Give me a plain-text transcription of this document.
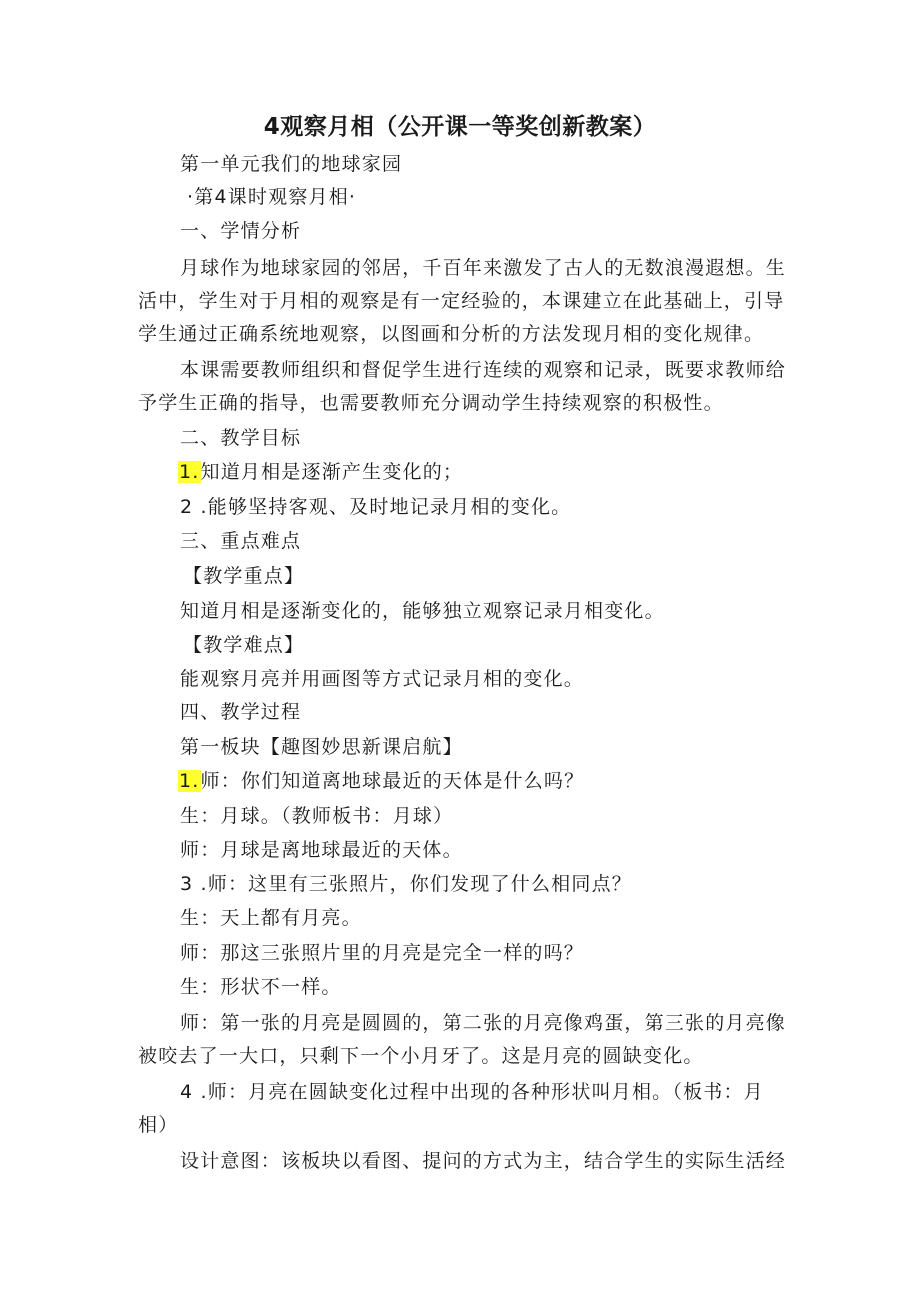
4观察月相（公开课一等奖创新教案）
第一单元我们的地球家园
·第4课时观察月相·
一、学情分析
月球作为地球家园的邻居，千百年来激发了古人的无数浪漫遐想。生
活中，学生对于月相的观察是有一定经验的，本课建立在此基础上，引导
学生通过正确系统地观察，以图画和分析的方法发现月相的变化规律。
本课需要教师组织和督促学生进行连续的观察和记录，既要求教师给
予学生正确的指导，也需要教师充分调动学生持续观察的积极性。
二、教学目标
1.知道月相是逐渐产生变化的；
2 .能够坚持客观、及时地记录月相的变化。
三、重点难点
【教学重点】
知道月相是逐渐变化的，能够独立观察记录月相变化。
【教学难点】
能观察月亮并用画图等方式记录月相的变化。
四、教学过程
第一板块【趣图妙思新课启航】
1.师：你们知道离地球最近的天体是什么吗？
生：月球。（教师板书：月球）
师：月球是离地球最近的天体。
3 .师：这里有三张照片，你们发现了什么相同点？
生：天上都有月亮。
师：那这三张照片里的月亮是完全一样的吗？
生：形状不一样。
师：第一张的月亮是圆圆的，第二张的月亮像鸡蛋，第三张的月亮像
被咬去了一大口，只剩下一个小月牙了。这是月亮的圆缺变化。
4 .师：月亮在圆缺变化过程中出现的各种形状叫月相。（板书：月
相）
设计意图：该板块以看图、提问的方式为主，结合学生的实际生活经
